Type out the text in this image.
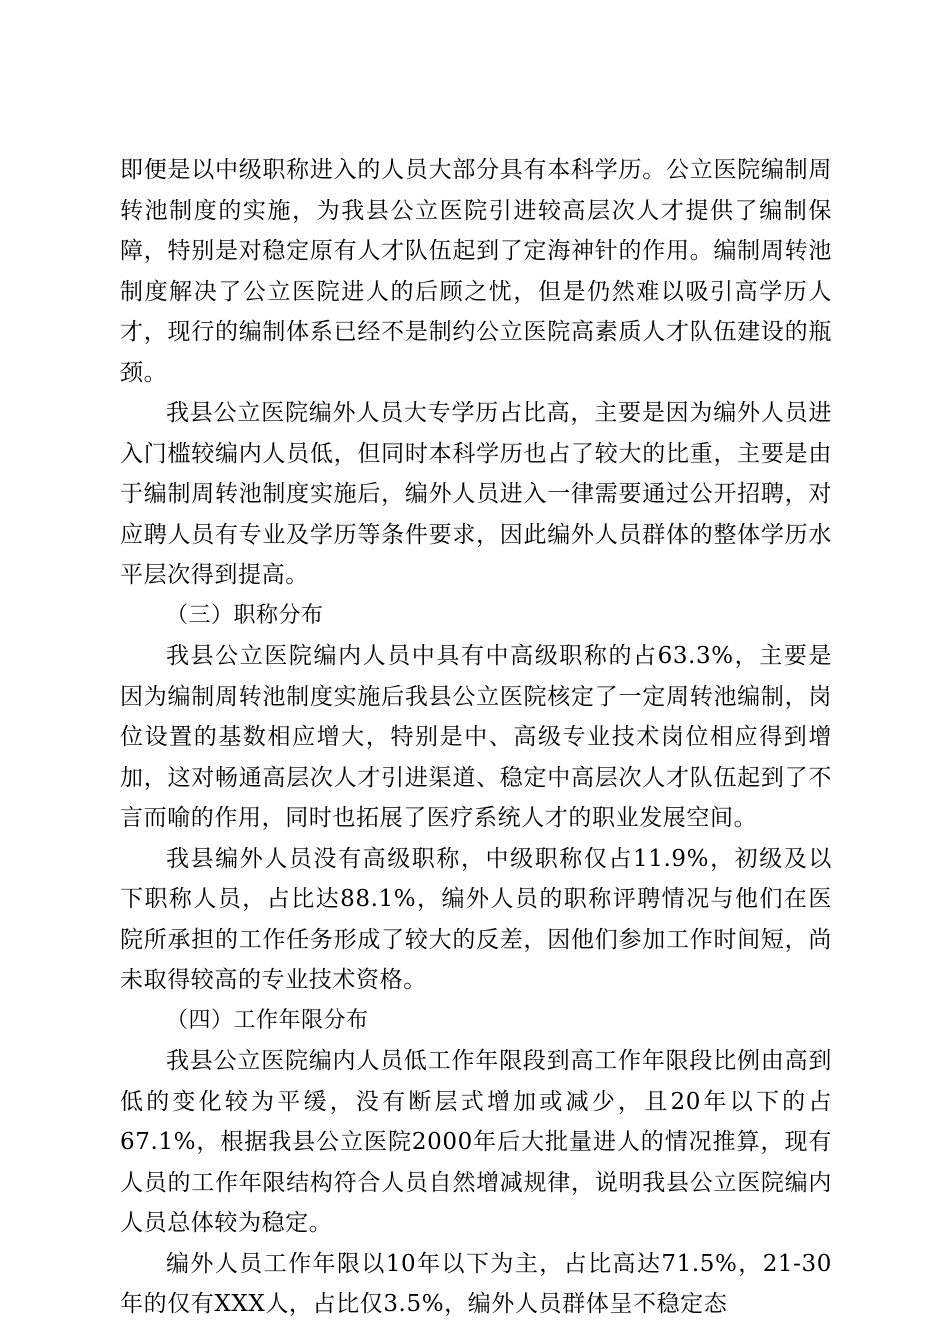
即便是以中级职称进入的人员大部分具有本科学历。公立医院编制周转池制度的实施，为我县公立医院引进较高层次人才提供了编制保障，特别是对稳定原有人才队伍起到了定海神针的作用。编制周转池制度解决了公立医院进人的后顾之忧，但是仍然难以吸引高学历人才，现行的编制体系已经不是制约公立医院高素质人才队伍建设的瓶颈。

我县公立医院编外人员大专学历占比高，主要是因为编外人员进入门槛较编内人员低，但同时本科学历也占了较大的比重，主要是由于编制周转池制度实施后，编外人员进入一律需要通过公开招聘，对应聘人员有专业及学历等条件要求，因此编外人员群体的整体学历水平层次得到提高。

（三）职称分布

我县公立医院编内人员中具有中高级职称的占63.3%，主要是因为编制周转池制度实施后我县公立医院核定了一定周转池编制，岗位设置的基数相应增大，特别是中、高级专业技术岗位相应得到增加，这对畅通高层次人才引进渠道、稳定中高层次人才队伍起到了不言而喻的作用，同时也拓展了医疗系统人才的职业发展空间。

我县编外人员没有高级职称，中级职称仅占11.9%，初级及以下职称人员，占比达88.1%，编外人员的职称评聘情况与他们在医院所承担的工作任务形成了较大的反差，因他们参加工作时间短，尚未取得较高的专业技术资格。

（四）工作年限分布

我县公立医院编内人员低工作年限段到高工作年限段比例由高到低的变化较为平缓，没有断层式增加或减少，且20年以下的占67.1%，根据我县公立医院2000年后大批量进人的情况推算，现有人员的工作年限结构符合人员自然增减规律，说明我县公立医院编内人员总体较为稳定。

编外人员工作年限以10年以下为主，占比高达71.5%，21-30年的仅有XXX人，占比仅3.5%，编外人员群体呈不稳定态
